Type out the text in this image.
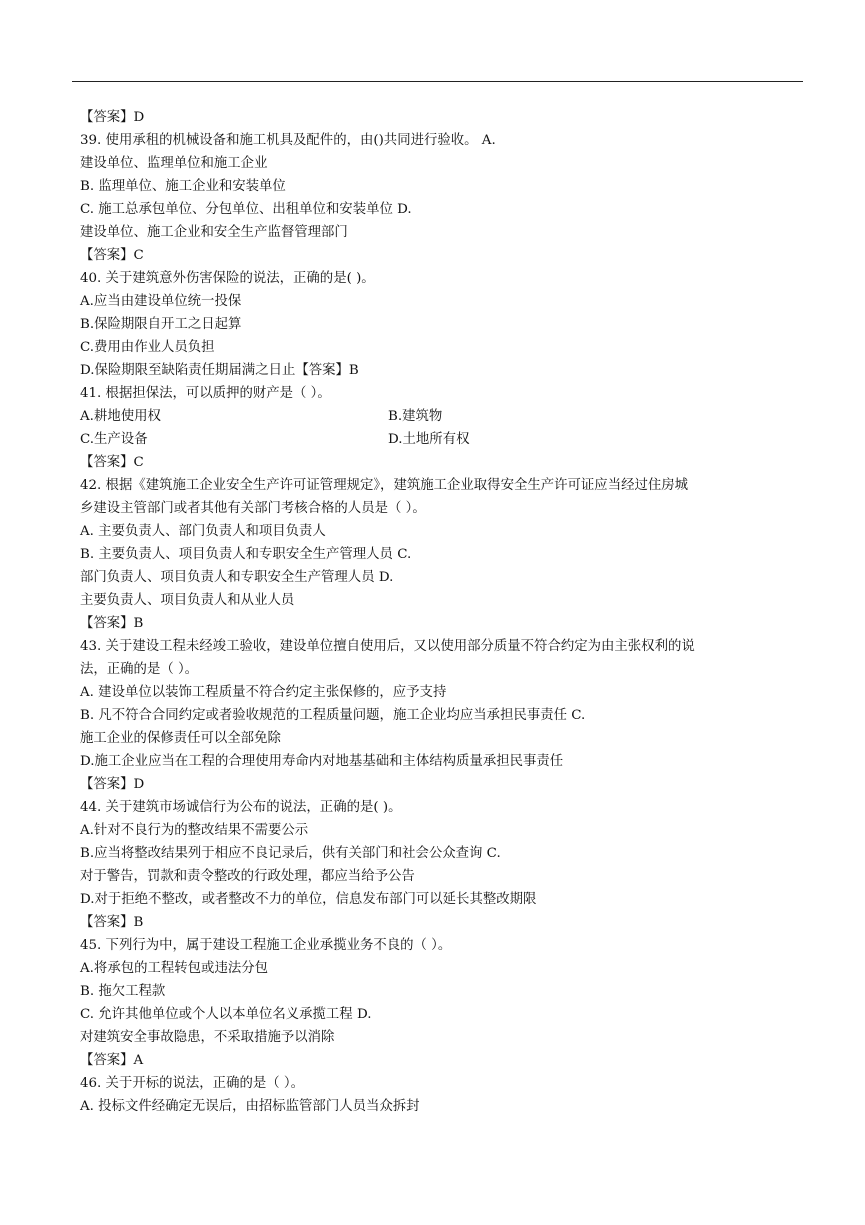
【答案】D
39. 使用承租的机械设备和施工机具及配件的，由()共同进行验收。 A.
建设单位、监理单位和施工企业
B. 监理单位、施工企业和安装单位
C. 施工总承包单位、分包单位、出租单位和安装单位 D.
建设单位、施工企业和安全生产监督管理部门
【答案】C
40. 关于建筑意外伤害保险的说法，正确的是( )。
A.应当由建设单位统一投保
B.保险期限自开工之日起算
C.费用由作业人员负担
D.保险期限至缺陷责任期届满之日止【答案】B
41. 根据担保法，可以质押的财产是（ ）。
A.耕地使用权	B.建筑物
C.生产设备	D.土地所有权
【答案】C
42. 根据《建筑施工企业安全生产许可证管理规定》，建筑施工企业取得安全生产许可证应当经过住房城
乡建设主管部门或者其他有关部门考核合格的人员是（ ）。
A. 主要负责人、部门负责人和项目负责人
B. 主要负责人、项目负责人和专职安全生产管理人员 C.
部门负责人、项目负责人和专职安全生产管理人员 D.
主要负责人、项目负责人和从业人员
【答案】B
43. 关于建设工程未经竣工验收，建设单位擅自使用后，又以使用部分质量不符合约定为由主张权利的说
法，正确的是（ ）。
A. 建设单位以装饰工程质量不符合约定主张保修的，应予支持
B. 凡不符合合同约定或者验收规范的工程质量问题，施工企业均应当承担民事责任 C.
施工企业的保修责任可以全部免除
D.施工企业应当在工程的合理使用寿命内对地基基础和主体结构质量承担民事责任
【答案】D
44. 关于建筑市场诚信行为公布的说法，正确的是( )。
A.针对不良行为的整改结果不需要公示
B.应当将整改结果列于相应不良记录后，供有关部门和社会公众查询 C.
对于警告，罚款和责令整改的行政处理，都应当给予公告
D.对于拒绝不整改，或者整改不力的单位，信息发布部门可以延长其整改期限
【答案】B
45. 下列行为中，属于建设工程施工企业承揽业务不良的（ ）。
A.将承包的工程转包或违法分包
B. 拖欠工程款
C. 允许其他单位或个人以本单位名义承揽工程 D.
对建筑安全事故隐患，不采取措施予以消除
【答案】A
46. 关于开标的说法，正确的是（ ）。
A. 投标文件经确定无误后，由招标监管部门人员当众拆封
